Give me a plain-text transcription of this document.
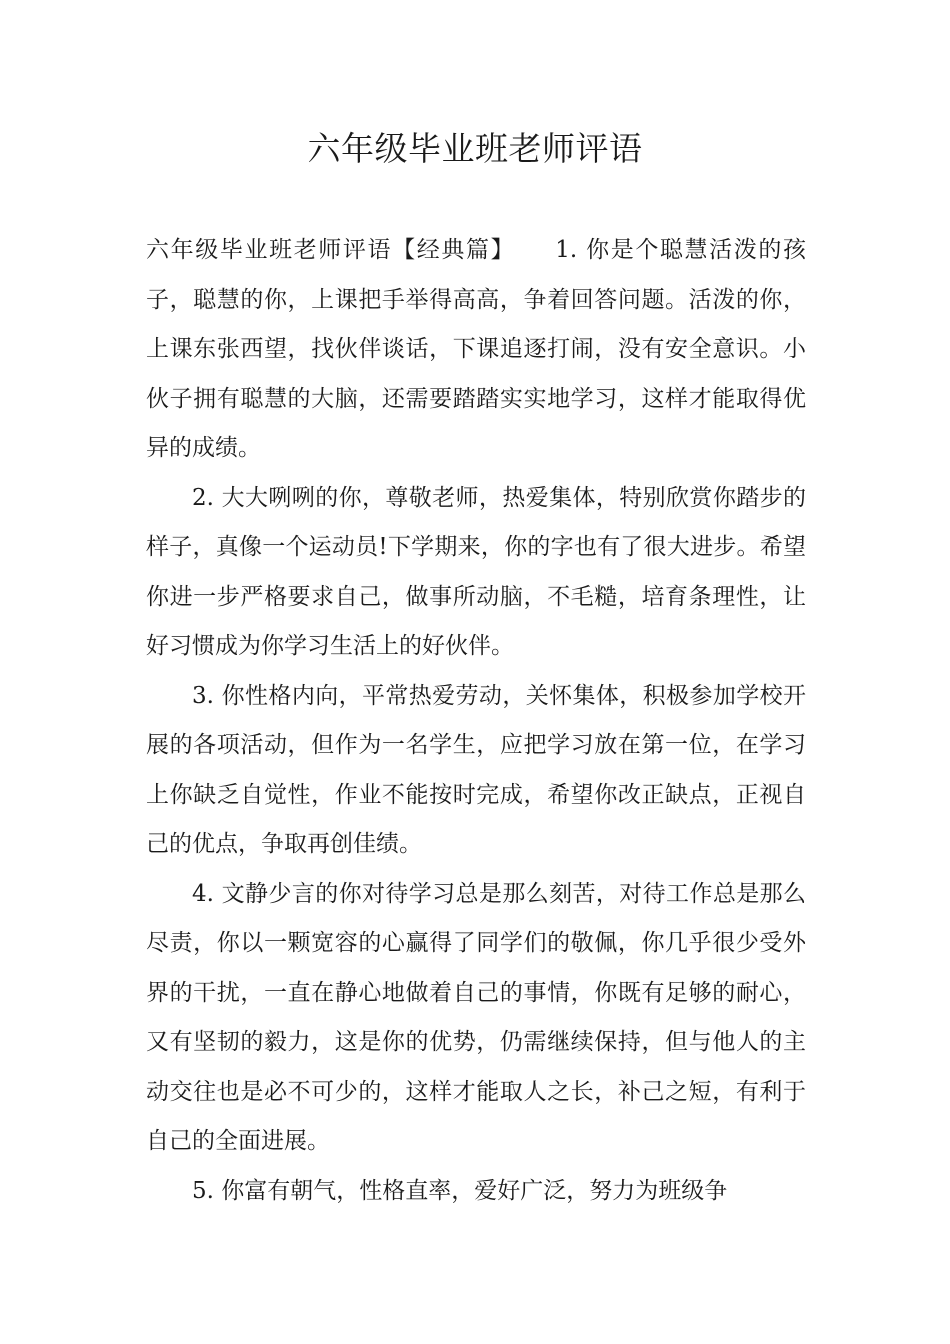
六年级毕业班老师评语

六年级毕业班老师评语【经典篇】 1. 你是个聪慧活泼的孩子，聪慧的你，上课把手举得高高，争着回答问题。活泼的你，上课东张西望，找伙伴谈话，下课追逐打闹，没有安全意识。小伙子拥有聪慧的大脑，还需要踏踏实实地学习，这样才能取得优异的成绩。

2. 大大咧咧的你，尊敬老师，热爱集体，特别欣赏你踏步的样子，真像一个运动员!下学期来，你的字也有了很大进步。希望你进一步严格要求自己，做事所动脑，不毛糙，培育条理性，让好习惯成为你学习生活上的好伙伴。

3. 你性格内向，平常热爱劳动，关怀集体，积极参加学校开展的各项活动，但作为一名学生，应把学习放在第一位，在学习上你缺乏自觉性，作业不能按时完成，希望你改正缺点，正视自己的优点，争取再创佳绩。

4. 文静少言的你对待学习总是那么刻苦，对待工作总是那么尽责，你以一颗宽容的心赢得了同学们的敬佩，你几乎很少受外界的干扰，一直在静心地做着自己的事情，你既有足够的耐心，又有坚韧的毅力，这是你的优势，仍需继续保持，但与他人的主动交往也是必不可少的，这样才能取人之长，补己之短，有利于自己的全面进展。

5. 你富有朝气，性格直率，爱好广泛，努力为班级争
